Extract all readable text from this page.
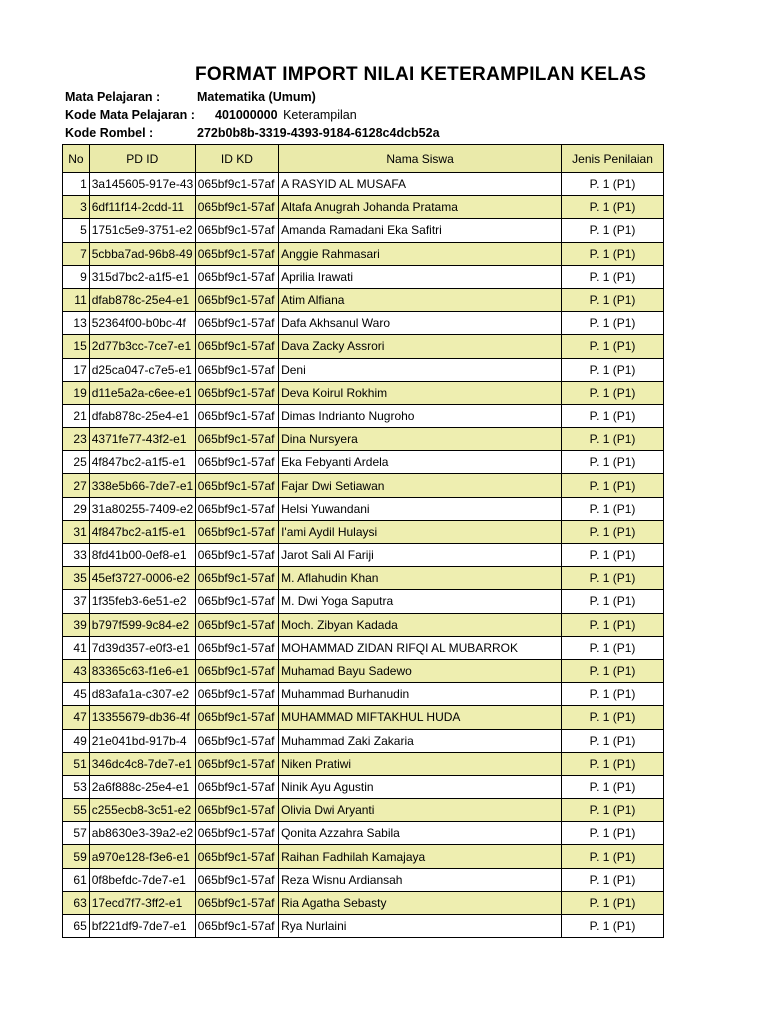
FORMAT IMPORT NILAI KETERAMPILAN KELAS
Mata Pelajaran :	Matematika (Umum)
Kode Mata Pelajaran : 401000000 Keterampilan
Kode Rombel :	272b0b8b-3319-4393-9184-6128c4dcb52a
No	PD ID	ID KD	Nama Siswa	Jenis Penilaian
1	3a145605-917e-43	065bf9c1-57af	A RASYID AL MUSAFA	P. 1 (P1)
3	6df11f14-2cdd-11	065bf9c1-57af	Altafa Anugrah Johanda Pratama	P. 1 (P1)
5	1751c5e9-3751-e2	065bf9c1-57af	Amanda Ramadani Eka Safitri	P. 1 (P1)
7	5cbba7ad-96b8-49	065bf9c1-57af	Anggie Rahmasari	P. 1 (P1)
9	315d7bc2-a1f5-e1	065bf9c1-57af	Aprilia Irawati	P. 1 (P1)
11	dfab878c-25e4-e1	065bf9c1-57af	Atim Alfiana	P. 1 (P1)
13	52364f00-b0bc-4f	065bf9c1-57af	Dafa Akhsanul Waro	P. 1 (P1)
15	2d77b3cc-7ce7-e1	065bf9c1-57af	Dava Zacky Assrori	P. 1 (P1)
17	d25ca047-c7e5-e1	065bf9c1-57af	Deni	P. 1 (P1)
19	d11e5a2a-c6ee-e1	065bf9c1-57af	Deva Koirul Rokhim	P. 1 (P1)
21	dfab878c-25e4-e1	065bf9c1-57af	Dimas Indrianto Nugroho	P. 1 (P1)
23	4371fe77-43f2-e1	065bf9c1-57af	Dina Nursyera	P. 1 (P1)
25	4f847bc2-a1f5-e1	065bf9c1-57af	Eka Febyanti Ardela	P. 1 (P1)
27	338e5b66-7de7-e1	065bf9c1-57af	Fajar Dwi Setiawan	P. 1 (P1)
29	31a80255-7409-e2	065bf9c1-57af	Helsi Yuwandani	P. 1 (P1)
31	4f847bc2-a1f5-e1	065bf9c1-57af	I'ami Aydil Hulaysi	P. 1 (P1)
33	8fd41b00-0ef8-e1	065bf9c1-57af	Jarot Sali Al Fariji	P. 1 (P1)
35	45ef3727-0006-e2	065bf9c1-57af	M. Aflahudin Khan	P. 1 (P1)
37	1f35feb3-6e51-e2	065bf9c1-57af	M. Dwi Yoga Saputra	P. 1 (P1)
39	b797f599-9c84-e2	065bf9c1-57af	Moch. Zibyan Kadada	P. 1 (P1)
41	7d39d357-e0f3-e1	065bf9c1-57af	MOHAMMAD ZIDAN RIFQI AL MUBARROK	P. 1 (P1)
43	83365c63-f1e6-e1	065bf9c1-57af	Muhamad Bayu Sadewo	P. 1 (P1)
45	d83afa1a-c307-e2	065bf9c1-57af	Muhammad Burhanudin	P. 1 (P1)
47	13355679-db36-4f	065bf9c1-57af	MUHAMMAD MIFTAKHUL HUDA	P. 1 (P1)
49	21e041bd-917b-4	065bf9c1-57af	Muhammad Zaki Zakaria	P. 1 (P1)
51	346dc4c8-7de7-e1	065bf9c1-57af	Niken Pratiwi	P. 1 (P1)
53	2a6f888c-25e4-e1	065bf9c1-57af	Ninik Ayu Agustin	P. 1 (P1)
55	c255ecb8-3c51-e2	065bf9c1-57af	Olivia Dwi Aryanti	P. 1 (P1)
57	ab8630e3-39a2-e2	065bf9c1-57af	Qonita Azzahra Sabila	P. 1 (P1)
59	a970e128-f3e6-e1	065bf9c1-57af	Raihan Fadhilah Kamajaya	P. 1 (P1)
61	0f8befdc-7de7-e1	065bf9c1-57af	Reza Wisnu Ardiansah	P. 1 (P1)
63	17ecd7f7-3ff2-e1	065bf9c1-57af	Ria Agatha Sebasty	P. 1 (P1)
65	bf221df9-7de7-e1	065bf9c1-57af	Rya Nurlaini	P. 1 (P1)
